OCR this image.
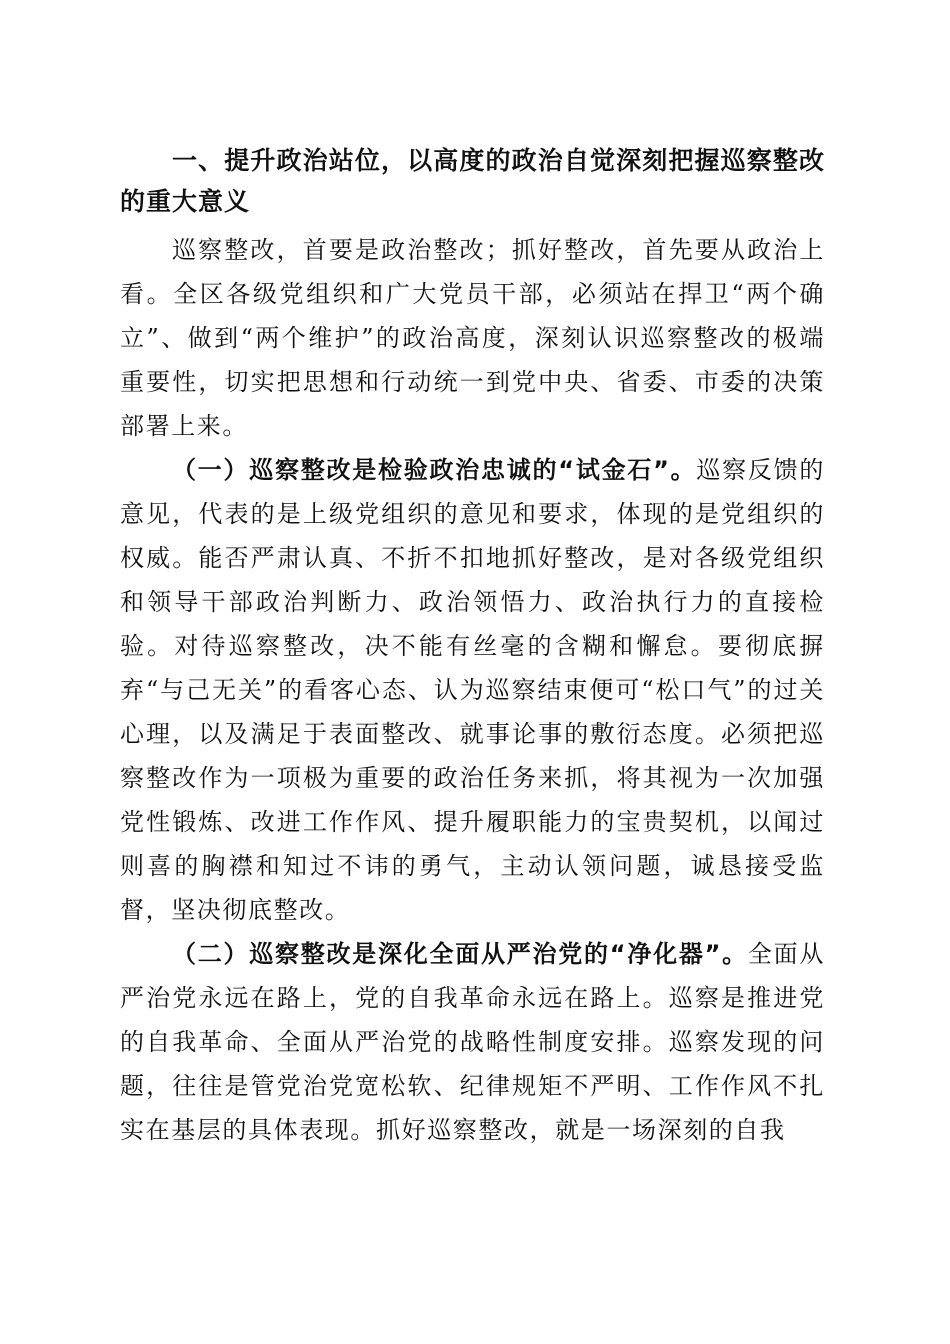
一、提升政治站位，以高度的政治自觉深刻把握巡察整改的重大意义

巡察整改，首要是政治整改；抓好整改，首先要从政治上看。全区各级党组织和广大党员干部，必须站在捍卫“两个确立”、做到“两个维护”的政治高度，深刻认识巡察整改的极端重要性，切实把思想和行动统一到党中央、省委、市委的决策部署上来。

（一）巡察整改是检验政治忠诚的“试金石”。巡察反馈的意见，代表的是上级党组织的意见和要求，体现的是党组织的权威。能否严肃认真、不折不扣地抓好整改，是对各级党组织和领导干部政治判断力、政治领悟力、政治执行力的直接检验。对待巡察整改，决不能有丝毫的含糊和懈怠。要彻底摒弃“与己无关”的看客心态、认为巡察结束便可“松口气”的过关心理，以及满足于表面整改、就事论事的敷衍态度。必须把巡察整改作为一项极为重要的政治任务来抓，将其视为一次加强党性锻炼、改进工作作风、提升履职能力的宝贵契机，以闻过则喜的胸襟和知过不讳的勇气，主动认领问题，诚恳接受监督，坚决彻底整改。

（二）巡察整改是深化全面从严治党的“净化器”。全面从严治党永远在路上，党的自我革命永远在路上。巡察是推进党的自我革命、全面从严治党的战略性制度安排。巡察发现的问题，往往是管党治党宽松软、纪律规矩不严明、工作作风不扎实在基层的具体表现。抓好巡察整改，就是一场深刻的自我
